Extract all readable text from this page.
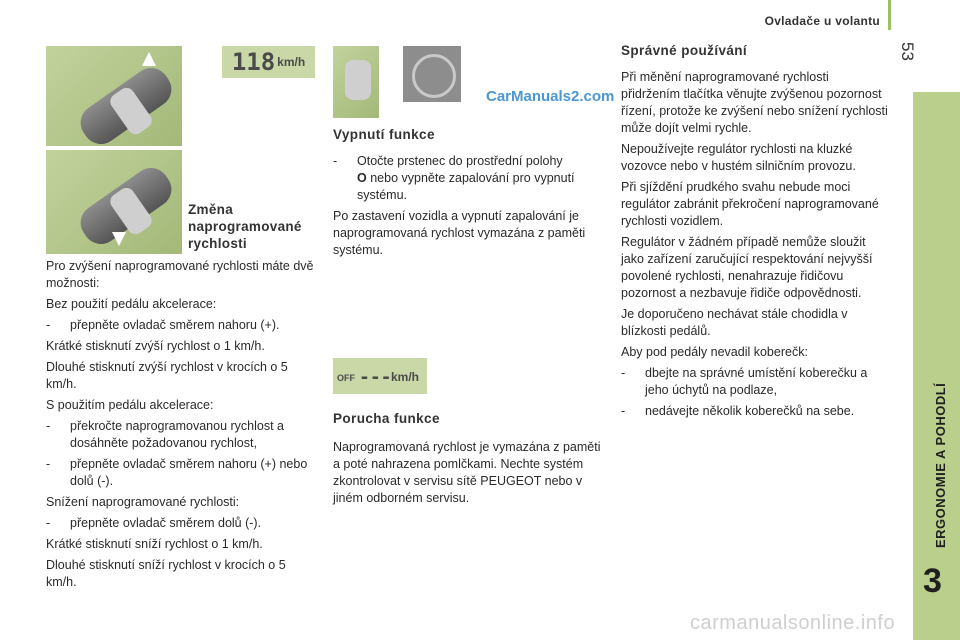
Ovladače u volantu
53
ERGONOMIE A POHODLÍ
3
118 km/h
CarManuals2.com
Změna
naprogramované
rychlosti

Pro zvýšení naprogramované rychlosti máte dvě možnosti:

Bez použití pedálu akcelerace:

- přepněte ovladač směrem nahoru (+).

Krátké stisknutí zvýší rychlost o 1 km/h.

Dlouhé stisknutí zvýší rychlost v krocích o 5 km/h.

S použitím pedálu akcelerace:

- překročte naprogramovanou rychlost a dosáhněte požadovanou rychlost,
- přepněte ovladač směrem nahoru (+) nebo dolů (-).

Snížení naprogramované rychlosti:

- přepněte ovladač směrem dolů (-).

Krátké stisknutí sníží rychlost o 1 km/h.

Dlouhé stisknutí sníží rychlost v krocích o 5 km/h.

Vypnutí funkce

- Otočte prstenec do prostřední polohy
O nebo vypněte zapalování pro vypnutí systému.

Po zastavení vozidla a vypnutí zapalování je naprogramovaná rychlost vymazána z paměti systému.

OFF --- km/h

Porucha funkce

Naprogramovaná rychlost je vymazána z paměti a poté nahrazena pomlčkami. Nechte systém zkontrolovat v servisu sítě PEUGEOT nebo v jiném odborném servisu.

Správné používání

Při měnění naprogramované rychlosti přidržením tlačítka věnujte zvýšenou pozornost řízení, protože ke zvýšení nebo snížení rychlosti může dojít velmi rychle.

Nepoužívejte regulátor rychlosti na kluzké vozovce nebo v hustém silničním provozu.

Při sjíždění prudkého svahu nebude moci regulátor zabránit překročení naprogramované rychlosti vozidlem.

Regulátor v žádném případě nemůže sloužit jako zařízení zaručující respektování nejvyšší povolené rychlosti, nenahrazuje řidičovu pozornost a nezbavuje řidiče odpovědnosti.

Je doporučeno nechávat stále chodidla v blízkosti pedálů.

Aby pod pedály nevadil koberečk:

- dbejte na správné umístění koberečku a jeho úchytů na podlaze,
- nedávejte několik koberečků na sebe.
carmanualsonline.info
